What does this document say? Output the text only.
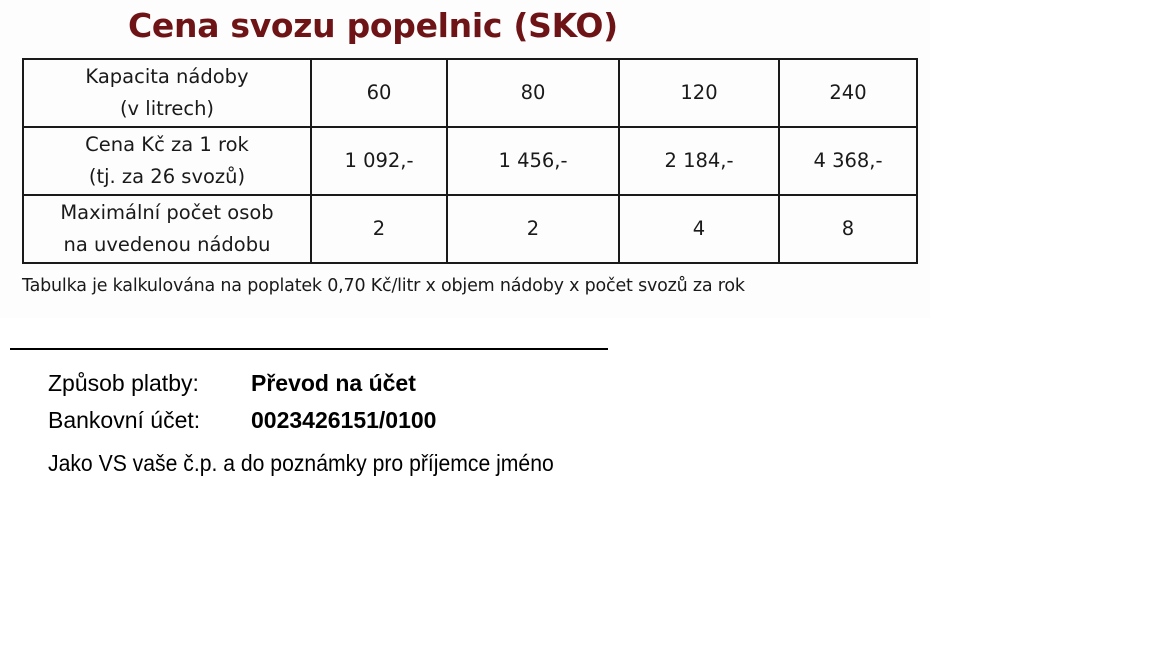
Cena svozu popelnic (SKO)
Kapacita nádoby
(v litrech)	60	80	120	240

Cena Kč za 1 rok
(tj. za 26 svozů)	1 092,-	1 456,-	2 184,-	4 368,-

Maximální počet osob
na uvedenou nádobu	2	2	4	8

Tabulka je kalkulována na poplatek 0,70 Kč/litr x objem nádoby x počet svozů za rok

Způsob platby: Převod na účet
Bankovní účet: 0023426151/0100

Jako VS vaše č.p. a do poznámky pro příjemce jméno
